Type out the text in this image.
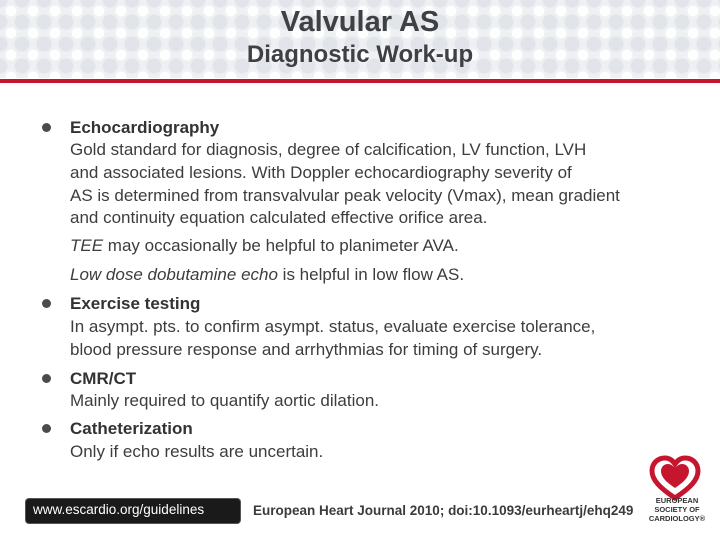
Valvular AS
Diagnostic Work-up
Echocardiography
Gold standard for diagnosis, degree of calcification, LV function, LVH
and associated lesions. With Doppler echocardiography severity of
AS is determined from transvalvular peak velocity (Vmax), mean gradient
and continuity equation calculated effective orifice area.
TEE may occasionally be helpful to planimeter AVA.
Low dose dobutamine echo is helpful in low flow AS.
Exercise testing
In asympt. pts. to confirm asympt. status, evaluate exercise tolerance,
blood pressure response and arrhythmias for timing of surgery.
CMR/CT
Mainly required to quantify aortic dilation.
Catheterization
Only if echo results are uncertain.
www.escardio.org/guidelines	European Heart Journal 2010; doi:10.1093/eurheartj/ehq249
EUROPEAN
SOCIETY OF
CARDIOLOGY®
